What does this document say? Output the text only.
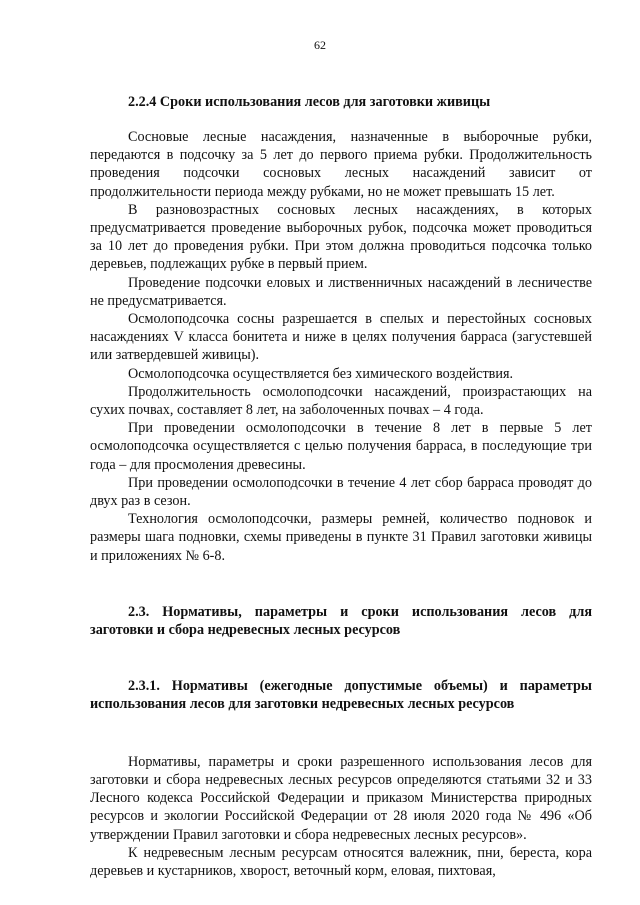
62
2.2.4 Сроки использования лесов для заготовки живицы

Сосновые лесные насаждения, назначенные в выборочные рубки, передаются в подсочку за 5 лет до первого приема рубки. Продолжительность проведения подсочки сосновых лесных насаждений зависит от продолжительности периода между рубками, но не может превышать 15 лет.

В разновозрастных сосновых лесных насаждениях, в которых предусматривается проведение выборочных рубок, подсочка может проводиться за 10 лет до проведения рубки. При этом должна проводиться подсочка только деревьев, подлежащих рубке в первый прием.

Проведение подсочки еловых и лиственничных насаждений в лесничестве не предусматривается.

Осмолоподсочка сосны разрешается в спелых и перестойных сосновых насаждениях V класса бонитета и ниже в целях получения барраса (загустевшей или затвердевшей живицы).

Осмолоподсочка осуществляется без химического воздействия.

Продолжительность осмолоподсочки насаждений, произрастающих на сухих почвах, составляет 8 лет, на заболоченных почвах – 4 года.

При проведении осмолоподсочки в течение 8 лет в первые 5 лет осмолоподсочка осуществляется с целью получения барраса, в последующие три года – для просмоления древесины.

При проведении осмолоподсочки в течение 4 лет сбор барраса проводят до двух раз в сезон.

Технология осмолоподсочки, размеры ремней, количество подновок и размеры шага подновки, схемы приведены в пункте 31 Правил заготовки живицы и приложениях № 6-8.

2.3. Нормативы, параметры и сроки использования лесов для заготовки и сбора недревесных лесных ресурсов
2.3.1. Нормативы (ежегодные допустимые объемы) и параметры использования лесов для заготовки недревесных лесных ресурсов

Нормативы, параметры и сроки разрешенного использования лесов для заготовки и сбора недревесных лесных ресурсов определяются статьями 32 и 33 Лесного кодекса Российской Федерации и приказом Министерства природных ресурсов и экологии Российской Федерации от 28 июля 2020 года № 496 «Об утверждении Правил заготовки и сбора недревесных лесных ресурсов».

К недревесным лесным ресурсам относятся валежник, пни, береста, кора деревьев и кустарников, хворост, веточный корм, еловая, пихтовая,
